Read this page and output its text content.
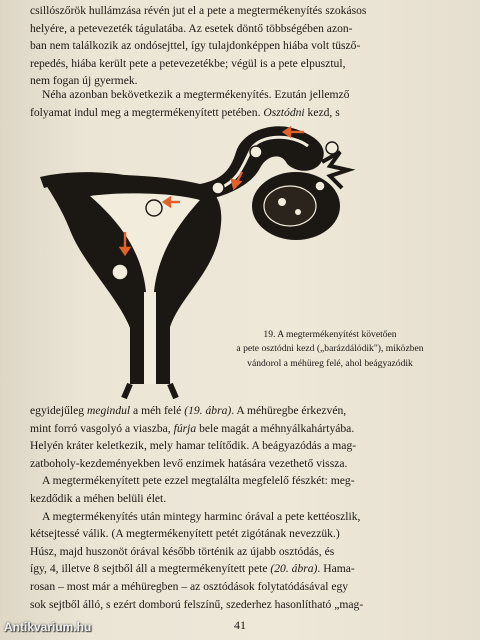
csillószőrök hullámzása révén jut el a pete a megtermékenyítés szokásos

helyére, a petevezeték tágulatába. Az esetek döntő többségében azon-

ban nem találkozik az ondósejttel, így tulajdonképpen hiába volt tüsző-

repedés, hiába került pete a petevezetékbe; végül is a pete elpusztul,

nem fogan új gyermek.

Néha azonban bekövetkezik a megtermékenyítés. Ezután jellemző

folyamat indul meg a megtermékenyített petében. Osztódni kezd, s

19. A megtermékenyítést követően
a pete osztódni kezd („barázdálódik"), miközben
vándorol a méhüreg felé, ahol beágyazódik

egyidejűleg megindul a méh felé (19. ábra). A méhüregbe érkezvén,

mint forró vasgolyó a viaszba, fúrja bele magát a méhnyálkahártyába.

Helyén kráter keletkezik, mely hamar telítődik. A beágyazódás a mag-

zatboholy-kezdeményekben levő enzimek hatására vezethető vissza.

A megtermékenyített pete ezzel megtalálta megfelelő fészkét: meg-

kezdődik a méhen belüli élet.

A megtermékenyítés után mintegy harminc órával a pete kettéoszlik,

kétsejtessé válik. (A megtermékenyített petét zigótának nevezzük.)

Húsz, majd huszonöt órával később történik az újabb osztódás, és

így, 4, illetve 8 sejtből áll a megtermékenyített pete (20. ábra). Hama-

rosan – most már a méhüregben – az osztódások folytatódásával egy

sok sejtből álló, s ezért domború felszínű, szederhez hasonlítható „mag-

41
Antikvarium.hu
